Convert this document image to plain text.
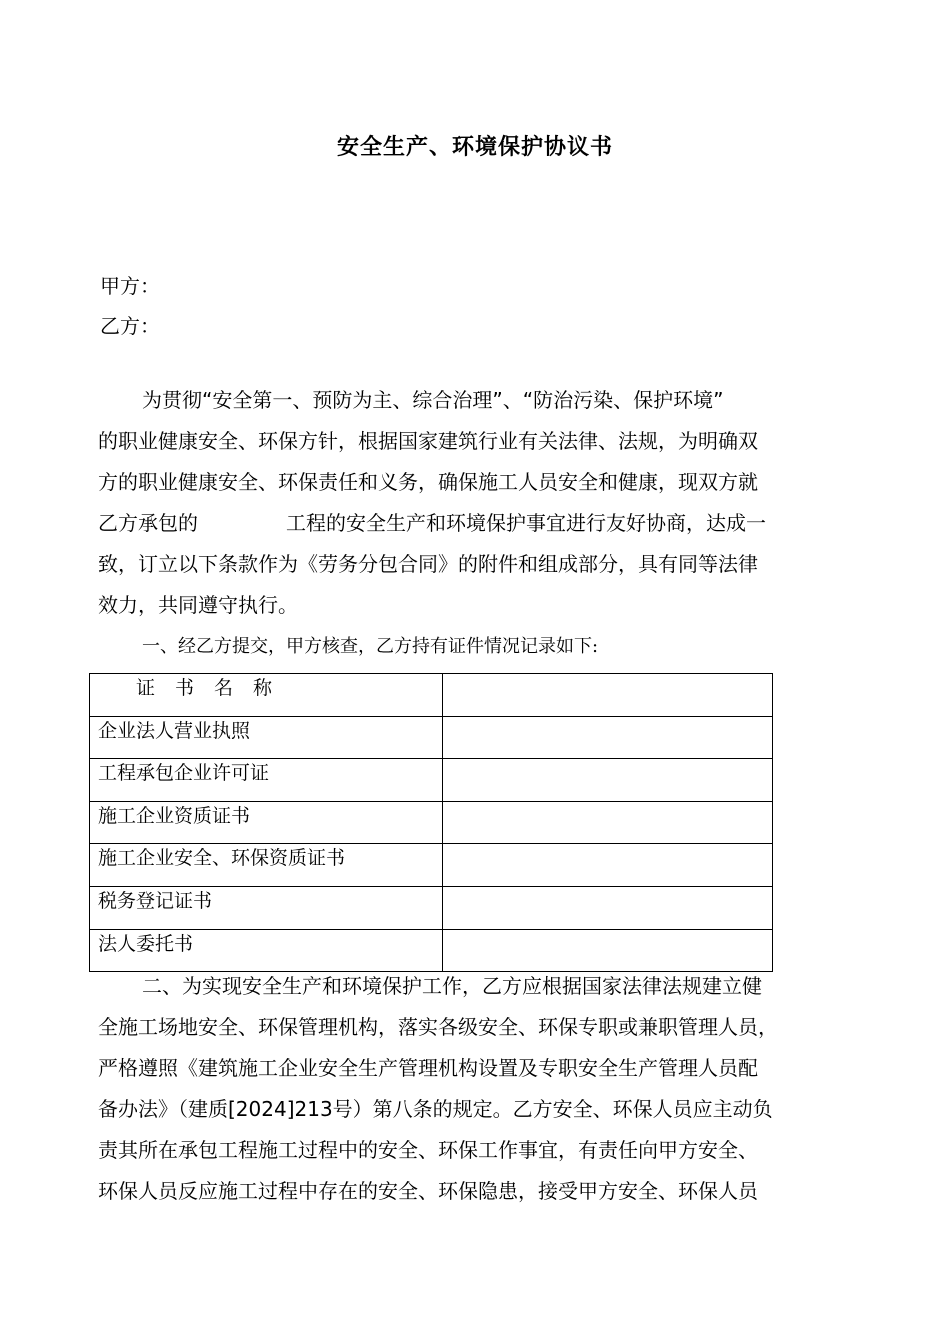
安全生产、环境保护协议书
甲方：
乙方：

为贯彻“安全第一、预防为主、综合治理”、“防治污染、保护环境”
的职业健康安全、环保方针，根据国家建筑行业有关法律、法规，为明确双
方的职业健康安全、环保责任和义务，确保施工人员安全和健康，现双方就
乙方承包的	工程的安全生产和环境保护事宜进行友好协商，达成一
致，订立以下条款作为《劳务分包合同》的附件和组成部分，具有同等法律
效力，共同遵守执行。

一、经乙方提交，甲方核查，乙方持有证件情况记录如下:
证书名称	
企业法人营业执照	
工程承包企业许可证	
施工企业资质证书	
施工企业安全、环保资质证书	
税务登记证书	
法人委托书	

二、为实现安全生产和环境保护工作，乙方应根据国家法律法规建立健
全施工场地安全、环保管理机构，落实各级安全、环保专职或兼职管理人员，
严格遵照《建筑施工企业安全生产管理机构设置及专职安全生产管理人员配
备办法》（建质[2024]213号）第八条的规定。乙方安全、环保人员应主动负
责其所在承包工程施工过程中的安全、环保工作事宜，有责任向甲方安全、
环保人员反应施工过程中存在的安全、环保隐患，接受甲方安全、环保人员
